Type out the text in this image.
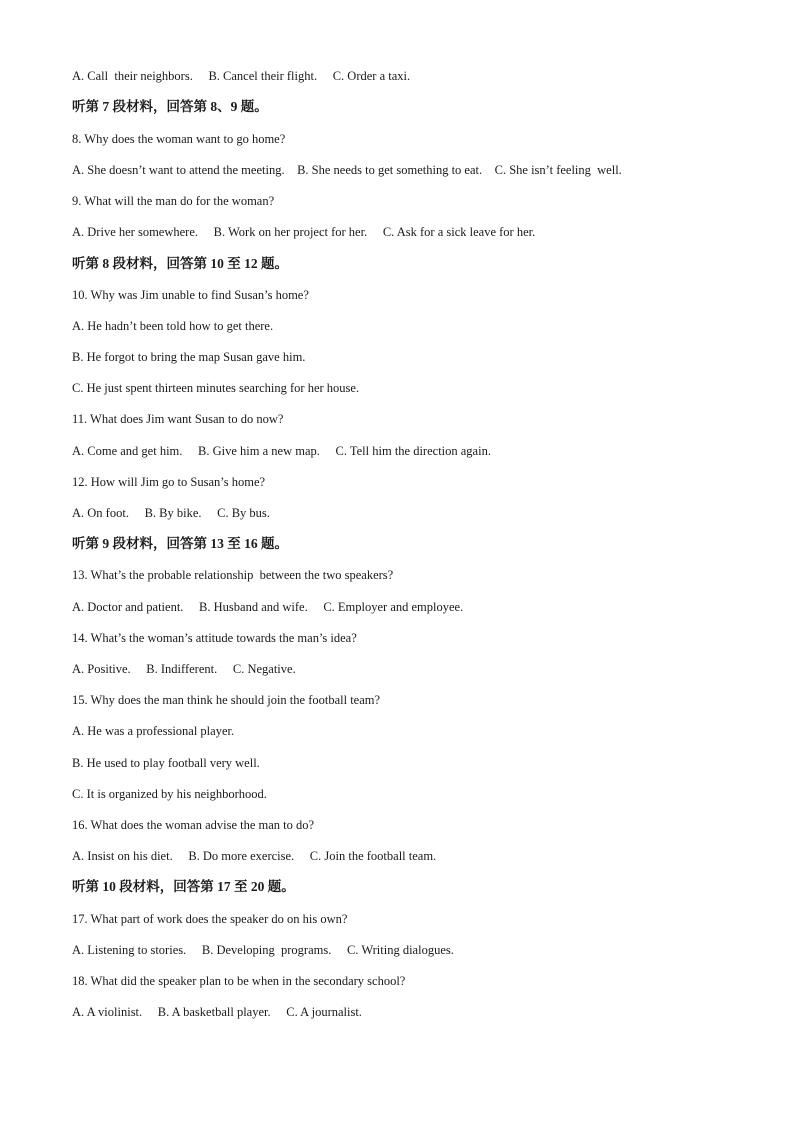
A. Call  their neighbors.     B. Cancel their flight.     C. Order a taxi.
听第 7 段材料，回答第 8、9 题。
8. Why does the woman want to go home?
A. She doesn’t want to attend the meeting.    B. She needs to get something to eat.    C. She isn’t feeling  well.
9. What will the man do for the woman?
A. Drive her somewhere.     B. Work on her project for her.     C. Ask for a sick leave for her.
听第 8 段材料，回答第 10 至 12 题。
10. Why was Jim unable to find Susan’s home?
A. He hadn’t been told how to get there.
B. He forgot to bring the map Susan gave him.
C. He just spent thirteen minutes searching for her house.
11. What does Jim want Susan to do now?
A. Come and get him.     B. Give him a new map.     C. Tell him the direction again.
12. How will Jim go to Susan’s home?
A. On foot.     B. By bike.     C. By bus.
听第 9 段材料，回答第 13 至 16 题。
13. What’s the probable relationship  between the two speakers?
A. Doctor and patient.     B. Husband and wife.     C. Employer and employee.
14. What’s the woman’s attitude towards the man’s idea?
A. Positive.     B. Indifferent.     C. Negative.
15. Why does the man think he should join the football team?
A. He was a professional player.
B. He used to play football very well.
C. It is organized by his neighborhood.
16. What does the woman advise the man to do?
A. Insist on his diet.     B. Do more exercise.     C. Join the football team.
听第 10 段材料，回答第 17 至 20 题。
17. What part of work does the speaker do on his own?
A. Listening to stories.     B. Developing  programs.     C. Writing dialogues.
18. What did the speaker plan to be when in the secondary school?
A. A violinist.     B. A basketball player.     C. A journalist.
